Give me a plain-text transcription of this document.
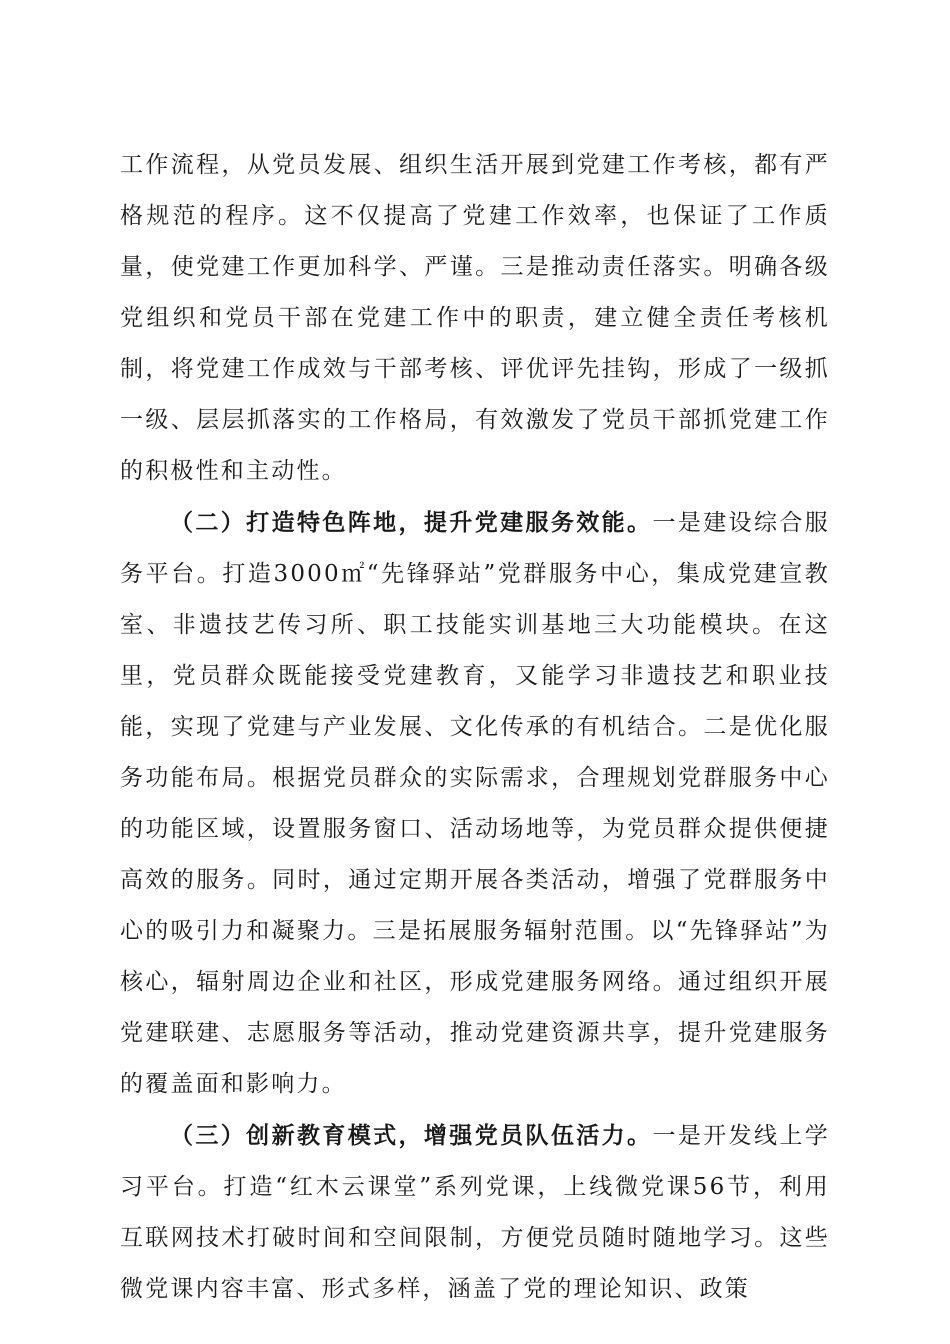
工作流程，从党员发展、组织生活开展到党建工作考核，都有严格规范的程序。这不仅提高了党建工作效率，也保证了工作质量，使党建工作更加科学、严谨。三是推动责任落实。明确各级党组织和党员干部在党建工作中的职责，建立健全责任考核机制，将党建工作成效与干部考核、评优评先挂钩，形成了一级抓一级、层层抓落实的工作格局，有效激发了党员干部抓党建工作的积极性和主动性。

（二）打造特色阵地，提升党建服务效能。一是建设综合服务平台。打造3000㎡“先锋驿站”党群服务中心，集成党建宣教室、非遗技艺传习所、职工技能实训基地三大功能模块。在这里，党员群众既能接受党建教育，又能学习非遗技艺和职业技能，实现了党建与产业发展、文化传承的有机结合。二是优化服务功能布局。根据党员群众的实际需求，合理规划党群服务中心的功能区域，设置服务窗口、活动场地等，为党员群众提供便捷高效的服务。同时，通过定期开展各类活动，增强了党群服务中心的吸引力和凝聚力。三是拓展服务辐射范围。以“先锋驿站”为核心，辐射周边企业和社区，形成党建服务网络。通过组织开展党建联建、志愿服务等活动，推动党建资源共享，提升党建服务的覆盖面和影响力。

（三）创新教育模式，增强党员队伍活力。一是开发线上学习平台。打造“红木云课堂”系列党课，上线微党课56节，利用互联网技术打破时间和空间限制，方便党员随时随地学习。这些微党课内容丰富、形式多样，涵盖了党的理论知识、政策
